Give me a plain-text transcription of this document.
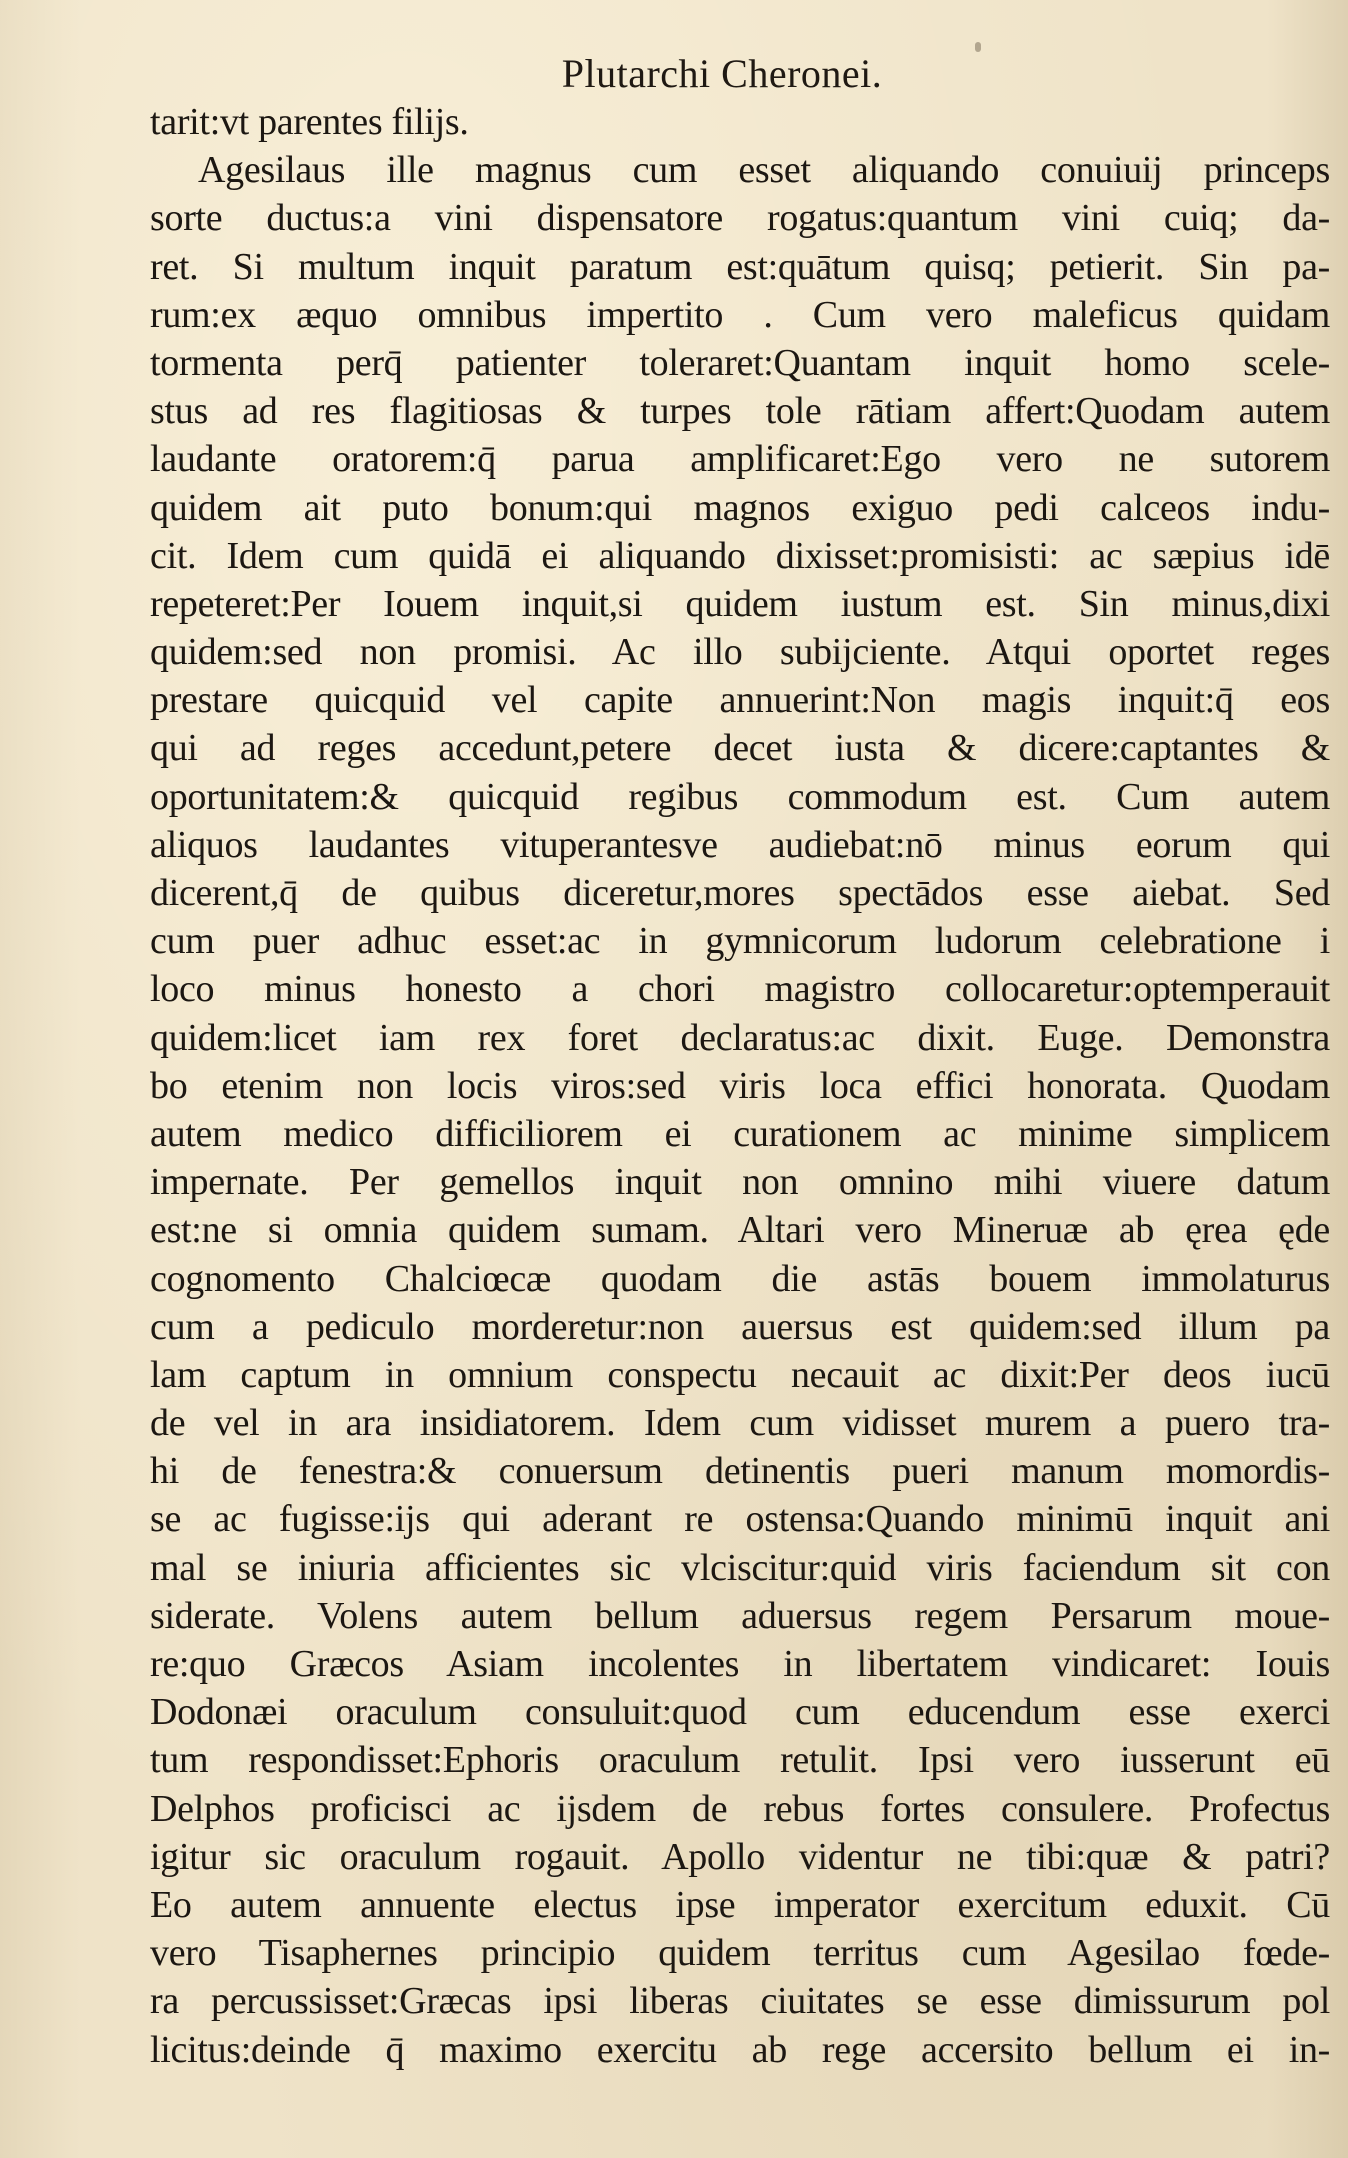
Plutarchi Cheronei.
tarit:vt parentes filijs.
Agesilaus ille magnus cum esset aliquando conuiuij princeps
sorte ductus:a vini dispensatore rogatus:quantum vini cuiq; da-
ret. Si multum inquit paratum est:quātum quisq; petierit. Sin pa-
rum:ex æquo omnibus impertito . Cum vero maleficus quidam
tormenta perq̄ patienter toleraret:Quantam inquit homo scele-
stus ad res flagitiosas & turpes tole rātiam affert:Quodam autem
laudante oratorem:q̄ parua amplificaret:Ego vero ne sutorem
quidem ait puto bonum:qui magnos exiguo pedi calceos indu-
cit. Idem cum quidā ei aliquando dixisset:promisisti: ac sæpius idē
repeteret:Per Iouem inquit,si quidem iustum est. Sin minus,dixi
quidem:sed non promisi. Ac illo subijciente. Atqui oportet reges
prestare quicquid vel capite annuerint:Non magis inquit:q̄ eos
qui ad reges accedunt,petere decet iusta & dicere:captantes &
oportunitatem:& quicquid regibus commodum est. Cum autem
aliquos laudantes vituperantesve audiebat:nō minus eorum qui
dicerent,q̄ de quibus diceretur,mores spectādos esse aiebat. Sed
cum puer adhuc esset:ac in gymnicorum ludorum celebratione i
loco minus honesto a chori magistro collocaretur:optemperauit
quidem:licet iam rex foret declaratus:ac dixit. Euge. Demonstra
bo etenim non locis viros:sed viris loca effici honorata. Quodam
autem medico difficiliorem ei curationem ac minime simplicem
impernate. Per gemellos inquit non omnino mihi viuere datum
est:ne si omnia quidem sumam. Altari vero Mineruæ ab ęrea ęde
cognomento Chalciœcæ quodam die astās bouem immolaturus
cum a pediculo morderetur:non auersus est quidem:sed illum pa
lam captum in omnium conspectu necauit ac dixit:Per deos iucū
de vel in ara insidiatorem. Idem cum vidisset murem a puero tra-
hi de fenestra:& conuersum detinentis pueri manum momordis-
se ac fugisse:ijs qui aderant re ostensa:Quando minimū inquit ani
mal se iniuria afficientes sic vlciscitur:quid viris faciendum sit con
siderate. Volens autem bellum aduersus regem Persarum moue-
re:quo Græcos Asiam incolentes in libertatem vindicaret: Iouis
Dodonæi oraculum consuluit:quod cum educendum esse exerci
tum respondisset:Ephoris oraculum retulit. Ipsi vero iusserunt eū
Delphos proficisci ac ijsdem de rebus fortes consulere. Profectus
igitur sic oraculum rogauit. Apollo videntur ne tibi:quæ & patri?
Eo autem annuente electus ipse imperator exercitum eduxit. Cū
vero Tisaphernes principio quidem territus cum Agesilao fœde-
ra percussisset:Græcas ipsi liberas ciuitates se esse dimissurum pol
licitus:deinde q̄ maximo exercitu ab rege accersito bellum ei in-
